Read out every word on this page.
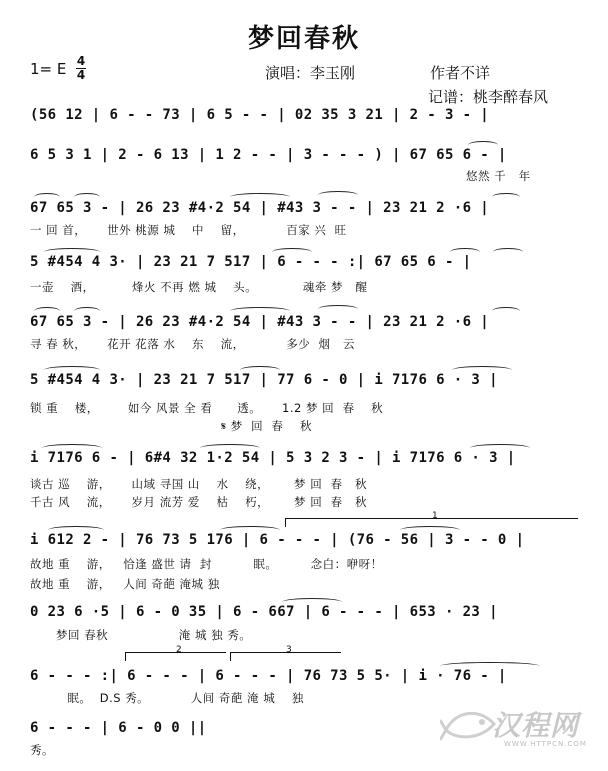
梦回春秋
1= E 4
4	演唱：李玉刚	作者不详
记谱：桃李醉春风
(56 12 | 6 - - 73 | 6 5 - - | 02 35 3 21 | 2 - 3 - |
6 5 3 1 | 2 - 6 13 | 1 2 - - | 3 - - - ) | 67 65 6 - |
悠然 千   年
67 65 3 - | 26 23 #4·2 54 | #43 3 - - | 23 21 2 ·6 |
一 回 首，     世外 桃源 城    中    留，          百家 兴  旺
5 #454 4 3· | 23 21 7 517 | 6 - - - :| 67 65 6 - |
一壶    酒，         烽火 不再 燃 城    头。           魂牵 梦   醒
67 65 3 - | 26 23 #4·2 54 | #43 3 - - | 23 21 2 ·6 |
寻 春 秋，     花开 花落 水    东    流，          多少  烟   云
5 #454 4 3· | 23 21 7 517 | 77 6 - 0 | i 7176 6 · 3 |
锁 重    楼，       如今 风景 全 看      透。     1.2 梦 回  春    秋
𝄋 梦  回  春    秋
i 7176 6 - | 6#4 32 1·2 54 | 5 3 2 3 - | i 7176 6 · 3 |
谈古 巡    游，     山域 寻国 山    水    绕，      梦 回  春   秋
千古 风    流，     岁月 流芳 爱    枯    朽，      梦 回  春   秋
1
i 612 2 - | 76 73 5 176 | 6 - - - | (76 - 56 | 3 - - 0 |
故地 重    游，   恰逢 盛世 请  封          眠。        念白：咿呀！
故地 重    游，   人间 奇葩 淹城 独
0 23 6 ·5 | 6 - 0 35 | 6 - 667 | 6 - - - | 653 · 23 |
梦回 春秋                 淹 城 独 秀。
2	3
6 - - - :| 6 - - - | 6 - - - | 76 73 5 5· | i · 76 - |
眠。  D.S 秀。          人间 奇葩 淹 城    独
6 - - - | 6 - 0 0 ||
秀。
汉程网
WWW.HTTPCN.COM
